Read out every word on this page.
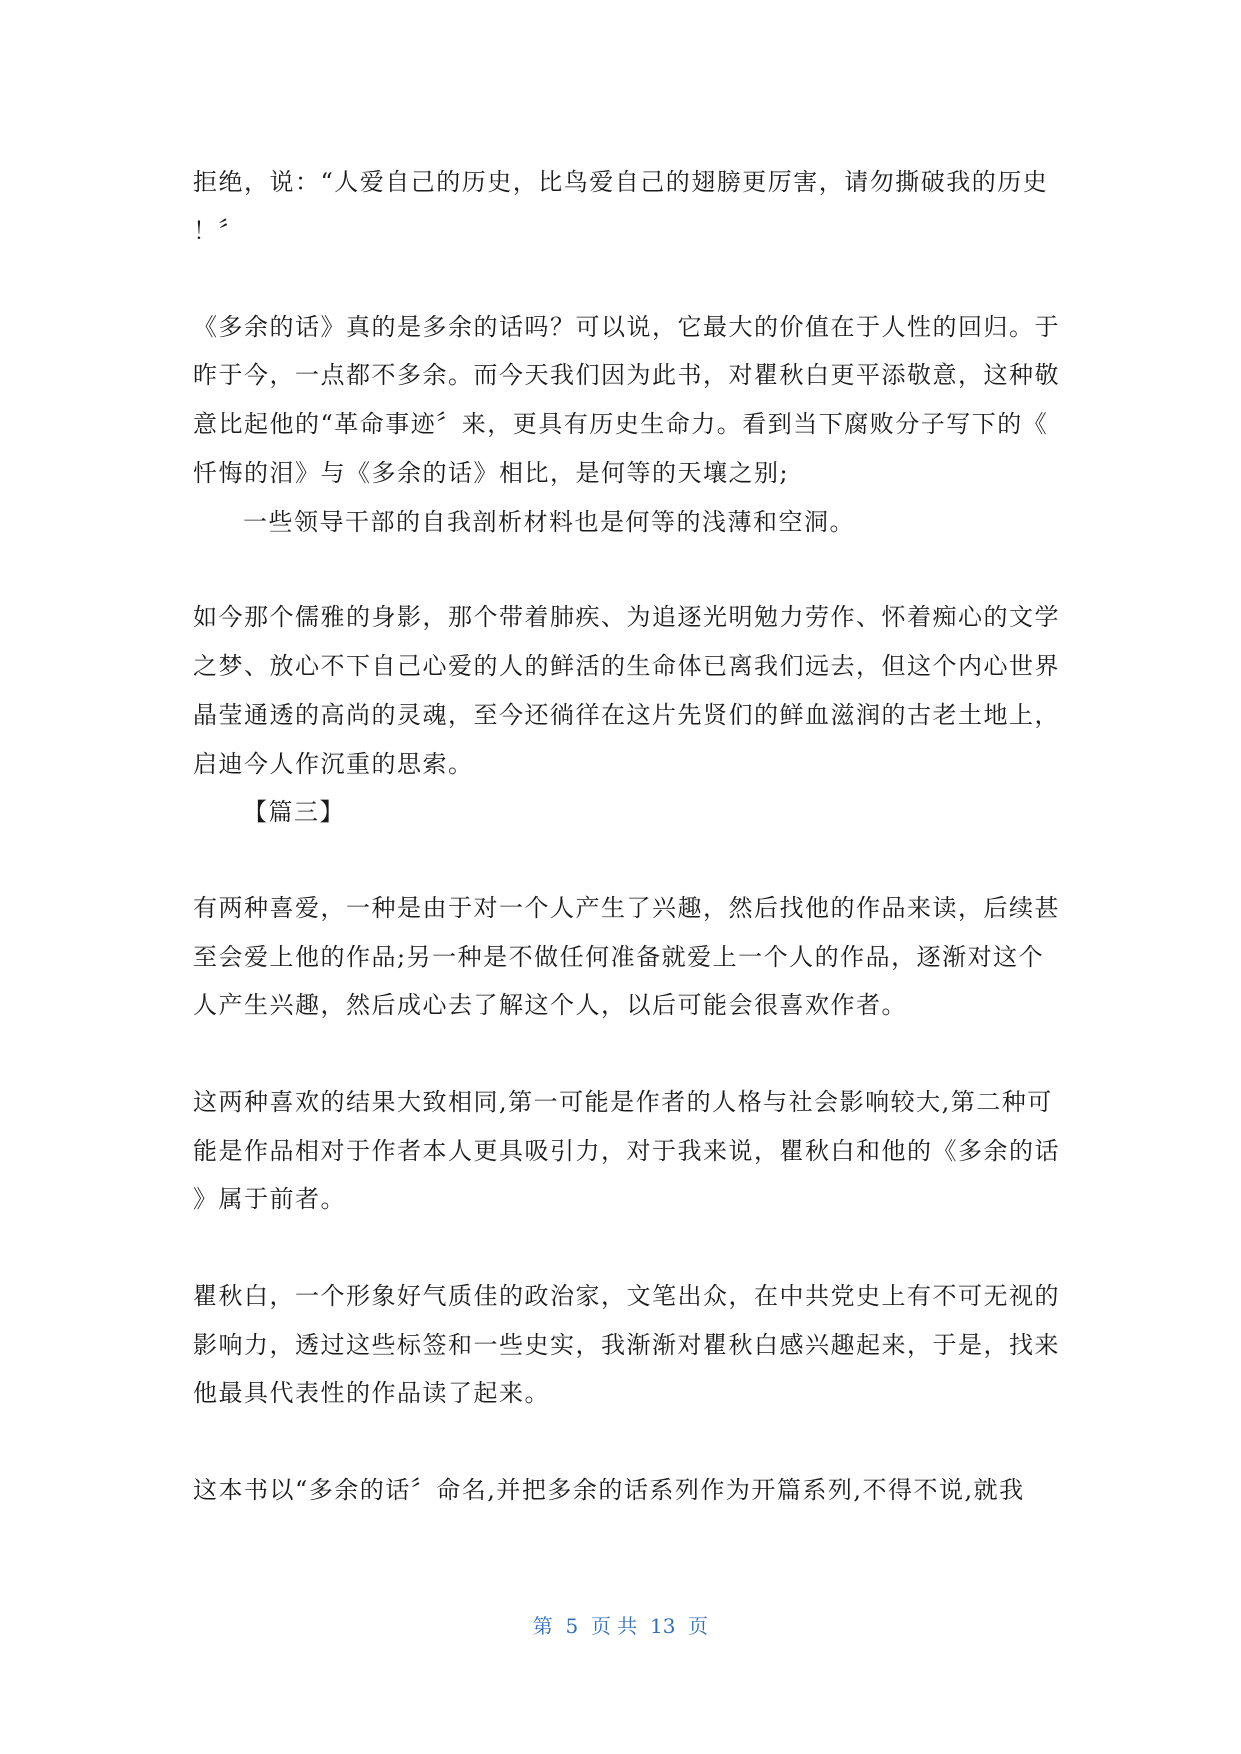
拒绝，说：“人爱自己的历史，比鸟爱自己的翅膀更厉害，请勿撕破我的历史
！〞
《多余的话》真的是多余的话吗？可以说，它最大的价值在于人性的回归。于
昨于今，一点都不多余。而今天我们因为此书，对瞿秋白更平添敬意，这种敬
意比起他的“革命事迹〞来，更具有历史生命力。看到当下腐败分子写下的《
忏悔的泪》与《多余的话》相比，是何等的天壤之别;
一些领导干部的自我剖析材料也是何等的浅薄和空洞。
如今那个儒雅的身影，那个带着肺疾、为追逐光明勉力劳作、怀着痴心的文学
之梦、放心不下自己心爱的人的鲜活的生命体已离我们远去，但这个内心世界
晶莹通透的高尚的灵魂，至今还徜徉在这片先贤们的鲜血滋润的古老土地上，
启迪今人作沉重的思索。
【篇三】
有两种喜爱，一种是由于对一个人产生了兴趣，然后找他的作品来读，后续甚
至会爱上他的作品;另一种是不做任何准备就爱上一个人的作品，逐渐对这个
人产生兴趣，然后成心去了解这个人，以后可能会很喜欢作者。
这两种喜欢的结果大致相同,第一可能是作者的人格与社会影响较大,第二种可
能是作品相对于作者本人更具吸引力，对于我来说，瞿秋白和他的《多余的话
》属于前者。
瞿秋白，一个形象好气质佳的政治家，文笔出众，在中共党史上有不可无视的
影响力，透过这些标签和一些史实，我渐渐对瞿秋白感兴趣起来，于是，找来
他最具代表性的作品读了起来。
这本书以“多余的话〞命名,并把多余的话系列作为开篇系列,不得不说,就我
第  5  页 共  13  页
